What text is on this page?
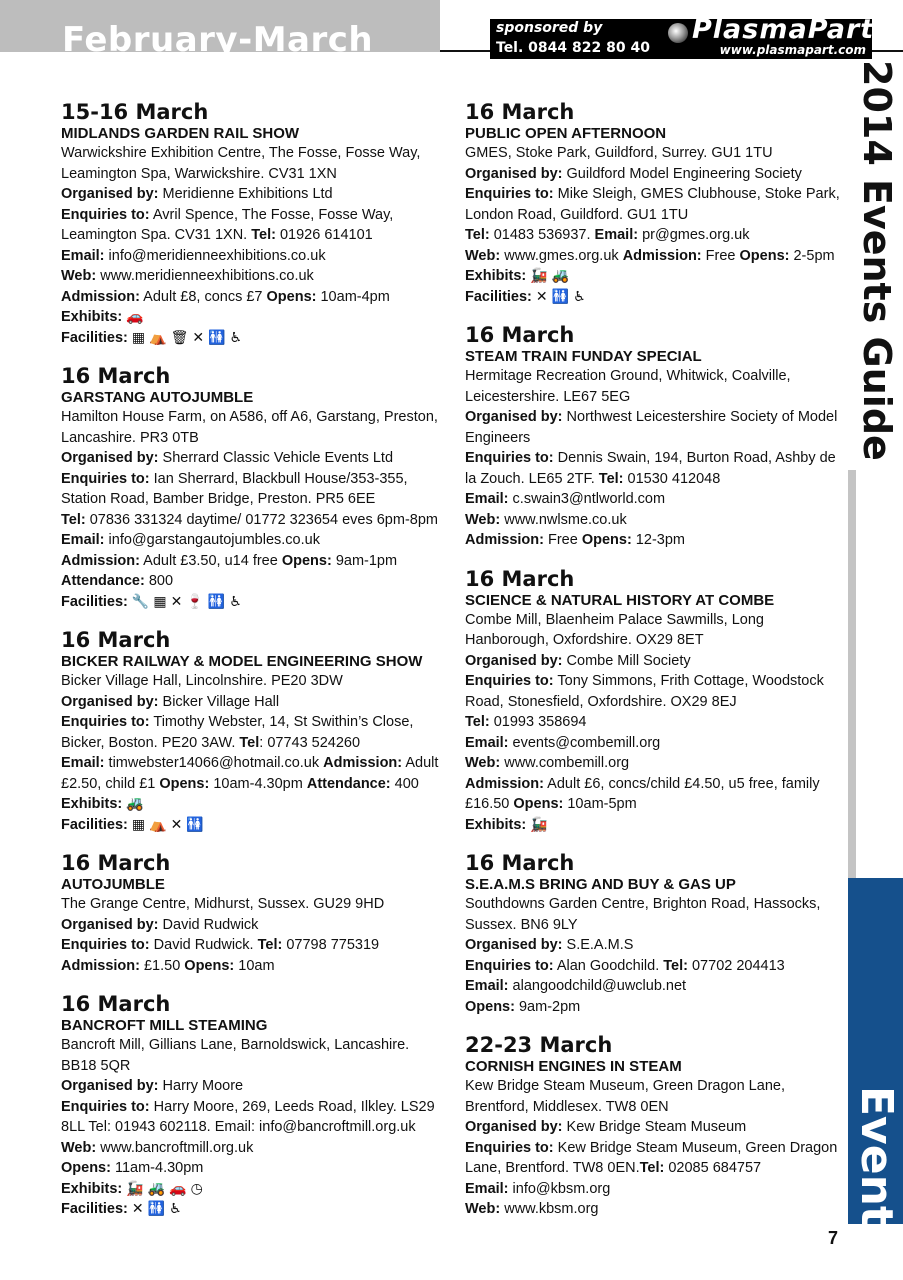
February-March	sponsored by
Tel. 0844 822 80 40
PlasmaPart
www.plasmapart.com
2014 Events Guide
Events
15-16 March
MIDLANDS GARDEN RAIL SHOW
Warwickshire Exhibition Centre, The Fosse, Fosse Way, Leamington Spa, Warwickshire. CV31 1XN
Organised by: Meridienne Exhibitions Ltd
Enquiries to: Avril Spence, The Fosse, Fosse Way, Leamington Spa. CV31 1XN. Tel: 01926 614101
Email: info@meridienneexhibitions.co.uk
Web: www.meridienneexhibitions.co.uk
Admission: Adult £8, concs £7 Opens: 10am-4pm
Exhibits: 🚗
Facilities: ▦ ⛺ 🗑 ✕ 🚻 ♿
16 March
GARSTANG AUTOJUMBLE
Hamilton House Farm, on A586, off A6, Garstang, Preston, Lancashire. PR3 0TB
Organised by: Sherrard Classic Vehicle Events Ltd
Enquiries to: Ian Sherrard, Blackbull House/353-355, Station Road, Bamber Bridge, Preston. PR5 6EE
Tel: 07836 331324 daytime/ 01772 323654 eves 6pm-8pm
Email: info@garstangautojumbles.co.uk
Admission: Adult £3.50, u14 free Opens: 9am-1pm
Attendance: 800
Facilities: 🔧 ▦ ✕ 🍷 🚻 ♿
16 March
BICKER RAILWAY & MODEL ENGINEERING SHOW
Bicker Village Hall, Lincolnshire. PE20 3DW
Organised by: Bicker Village Hall
Enquiries to: Timothy Webster, 14, St Swithin’s Close, Bicker, Boston. PE20 3AW. Tel: 07743 524260
Email: timwebster14066@hotmail.co.uk Admission: Adult £2.50, child £1 Opens: 10am-4.30pm Attendance: 400
Exhibits: 🚜
Facilities: ▦ ⛺ ✕ 🚻
16 March
AUTOJUMBLE
The Grange Centre, Midhurst, Sussex. GU29 9HD
Organised by: David Rudwick
Enquiries to: David Rudwick. Tel: 07798 775319
Admission: £1.50 Opens: 10am
16 March
BANCROFT MILL STEAMING
Bancroft Mill, Gillians Lane, Barnoldswick, Lancashire. BB18 5QR
Organised by: Harry Moore
Enquiries to: Harry Moore, 269, Leeds Road, Ilkley. LS29 8LL Tel: 01943 602118. Email: info@bancroftmill.org.uk
Web: www.bancroftmill.org.uk
Opens: 11am-4.30pm
Exhibits: 🚂 🚜 🚗 ◷
Facilities: ✕ 🚻 ♿
16 March
PUBLIC OPEN AFTERNOON
GMES, Stoke Park, Guildford, Surrey. GU1 1TU
Organised by: Guildford Model Engineering Society
Enquiries to: Mike Sleigh, GMES Clubhouse, Stoke Park, London Road, Guildford. GU1 1TU
Tel: 01483 536937. Email: pr@gmes.org.uk
Web: www.gmes.org.uk Admission: Free Opens: 2-5pm
Exhibits: 🚂 🚜
Facilities: ✕ 🚻 ♿
16 March
STEAM TRAIN FUNDAY SPECIAL
Hermitage Recreation Ground, Whitwick, Coalville, Leicestershire. LE67 5EG
Organised by: Northwest Leicestershire Society of Model Engineers
Enquiries to: Dennis Swain, 194, Burton Road, Ashby de la Zouch. LE65 2TF. Tel: 01530 412048
Email: c.swain3@ntlworld.com
Web: www.nwlsme.co.uk
Admission: Free Opens: 12-3pm
16 March
SCIENCE & NATURAL HISTORY AT COMBE
Combe Mill, Blaenheim Palace Sawmills, Long Hanborough, Oxfordshire. OX29 8ET
Organised by: Combe Mill Society
Enquiries to: Tony Simmons, Frith Cottage, Woodstock Road, Stonesfield, Oxfordshire. OX29 8EJ
Tel: 01993 358694
Email: events@combemill.org
Web: www.combemill.org
Admission: Adult £6, concs/child £4.50, u5 free, family £16.50 Opens: 10am-5pm
Exhibits: 🚂
16 March
S.E.A.M.S BRING AND BUY & GAS UP
Southdowns Garden Centre, Brighton Road, Hassocks, Sussex. BN6 9LY
Organised by: S.E.A.M.S
Enquiries to: Alan Goodchild. Tel: 07702 204413
Email: alangoodchild@uwclub.net
Opens: 9am-2pm
22-23 March
CORNISH ENGINES IN STEAM
Kew Bridge Steam Museum, Green Dragon Lane, Brentford, Middlesex. TW8 0EN
Organised by: Kew Bridge Steam Museum
Enquiries to: Kew Bridge Steam Museum, Green Dragon Lane, Brentford. TW8 0EN.Tel: 02085 684757
Email: info@kbsm.org
Web: www.kbsm.org
7
